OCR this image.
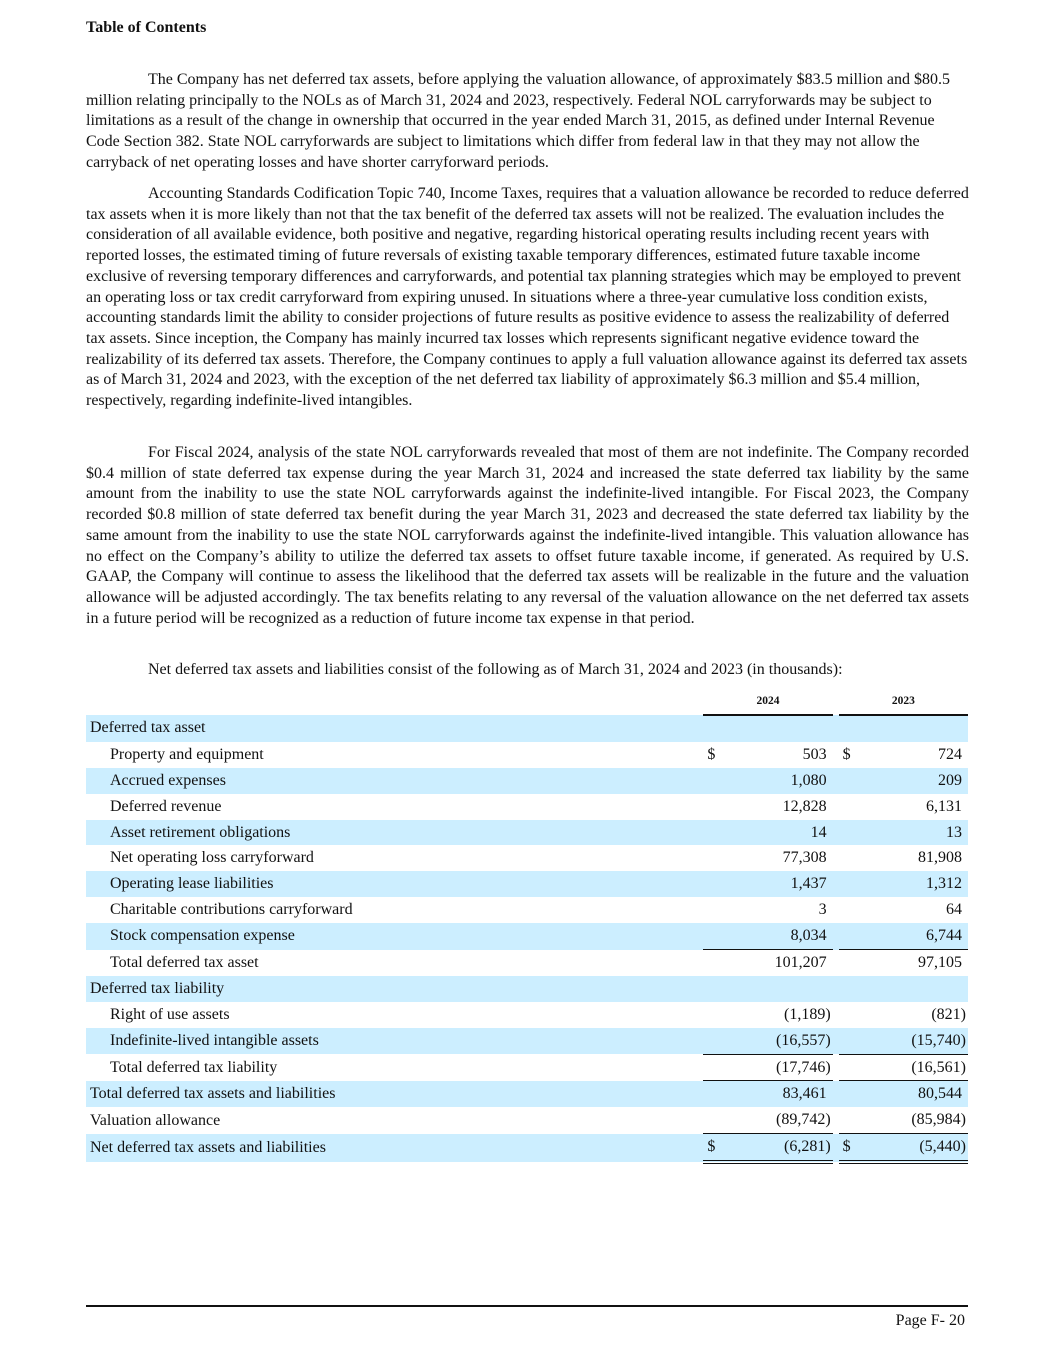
Table of Contents

The Company has net deferred tax assets, before applying the valuation allowance, of approximately $83.5 million and $80.5 million relating principally to the NOLs as of March 31, 2024 and 2023, respectively. Federal NOL carryforwards may be subject to limitations as a result of the change in ownership that occurred in the year ended March 31, 2015, as defined under Internal Revenue Code Section 382. State NOL carryforwards are subject to limitations which differ from federal law in that they may not allow the carryback of net operating losses and have shorter carryforward periods.

Accounting Standards Codification Topic 740, Income Taxes, requires that a valuation allowance be recorded to reduce deferred tax assets when it is more likely than not that the tax benefit of the deferred tax assets will not be realized. The evaluation includes the consideration of all available evidence, both positive and negative, regarding historical operating results including recent years with reported losses, the estimated timing of future reversals of existing taxable temporary differences, estimated future taxable income exclusive of reversing temporary differences and carryforwards, and potential tax planning strategies which may be employed to prevent an operating loss or tax credit carryforward from expiring unused. In situations where a three-year cumulative loss condition exists, accounting standards limit the ability to consider projections of future results as positive evidence to assess the realizability of deferred tax assets. Since inception, the Company has mainly incurred tax losses which represents significant negative evidence toward the realizability of its deferred tax assets. Therefore, the Company continues to apply a full valuation allowance against its deferred tax assets as of March 31, 2024 and 2023, with the exception of the net deferred tax liability of approximately $6.3 million and $5.4 million, respectively, regarding indefinite-lived intangibles.

For Fiscal 2024, analysis of the state NOL carryforwards revealed that most of them are not indefinite. The Company recorded $0.4 million of state deferred tax expense during the year March 31, 2024 and increased the state deferred tax liability by the same amount from the inability to use the state NOL carryforwards against the indefinite-lived intangible. For Fiscal 2023, the Company recorded $0.8 million of state deferred tax benefit during the year March 31, 2023 and decreased the state deferred tax liability by the same amount from the inability to use the state NOL carryforwards against the indefinite-lived intangible. This valuation allowance has no effect on the Company’s ability to utilize the deferred tax assets to offset future taxable income, if generated. As required by U.S. GAAP, the Company will continue to assess the likelihood that the deferred tax assets will be realizable in the future and the valuation allowance will be adjusted accordingly. The tax benefits relating to any reversal of the valuation allowance on the net deferred tax assets in a future period will be recognized as a reduction of future income tax expense in that period.

Net deferred tax assets and liabilities consist of the following as of March 31, 2024 and 2023 (in thousands):

	2024			2023	
Deferred tax asset					
Property and equipment	$	503		$	724
Accrued expenses		1,080			209
Deferred revenue		12,828			6,131
Asset retirement obligations		14			13
Net operating loss carryforward		77,308			81,908
Operating lease liabilities		1,437			1,312
Charitable contributions carryforward		3			64
Stock compensation expense		8,034			6,744
Total deferred tax asset		101,207			97,105
Deferred tax liability					
Right of use assets		(1,189)			(821)
Indefinite-lived intangible assets		(16,557)			(15,740)
Total deferred tax liability		(17,746)			(16,561)
Total deferred tax assets and liabilities		83,461			80,544
Valuation allowance		(89,742)			(85,984)
Net deferred tax assets and liabilities	$	(6,281)		$	(5,440)
Page F- 20
